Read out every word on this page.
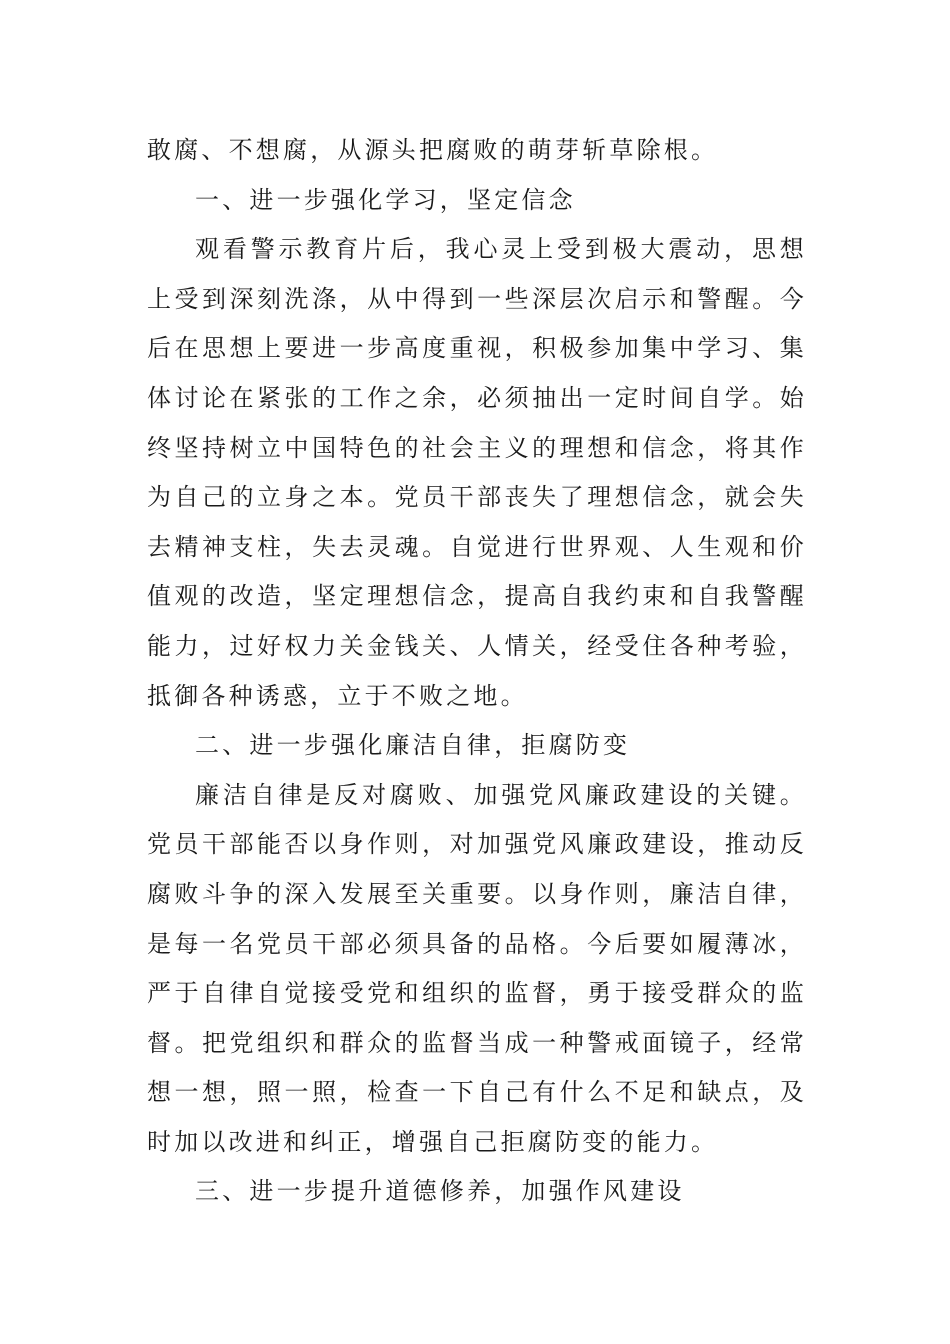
敢腐、不想腐，从源头把腐败的萌芽斩草除根。

一、进一步强化学习，坚定信念

观看警示教育片后，我心灵上受到极大震动，思想上受到深刻洗涤，从中得到一些深层次启示和警醒。今后在思想上要进一步高度重视，积极参加集中学习、集体讨论在紧张的工作之余，必须抽出一定时间自学。始终坚持树立中国特色的社会主义的理想和信念，将其作为自己的立身之本。党员干部丧失了理想信念，就会失去精神支柱，失去灵魂。自觉进行世界观、人生观和价值观的改造，坚定理想信念，提高自我约束和自我警醒能力，过好权力关金钱关、人情关，经受住各种考验，抵御各种诱惑，立于不败之地。

二、进一步强化廉洁自律，拒腐防变

廉洁自律是反对腐败、加强党风廉政建设的关键。党员干部能否以身作则，对加强党风廉政建设，推动反腐败斗争的深入发展至关重要。以身作则，廉洁自律，是每一名党员干部必须具备的品格。今后要如履薄冰，严于自律自觉接受党和组织的监督，勇于接受群众的监督。把党组织和群众的监督当成一种警戒面镜子，经常想一想，照一照，检查一下自己有什么不足和缺点，及时加以改进和纠正，增强自己拒腐防变的能力。

三、进一步提升道德修养，加强作风建设
